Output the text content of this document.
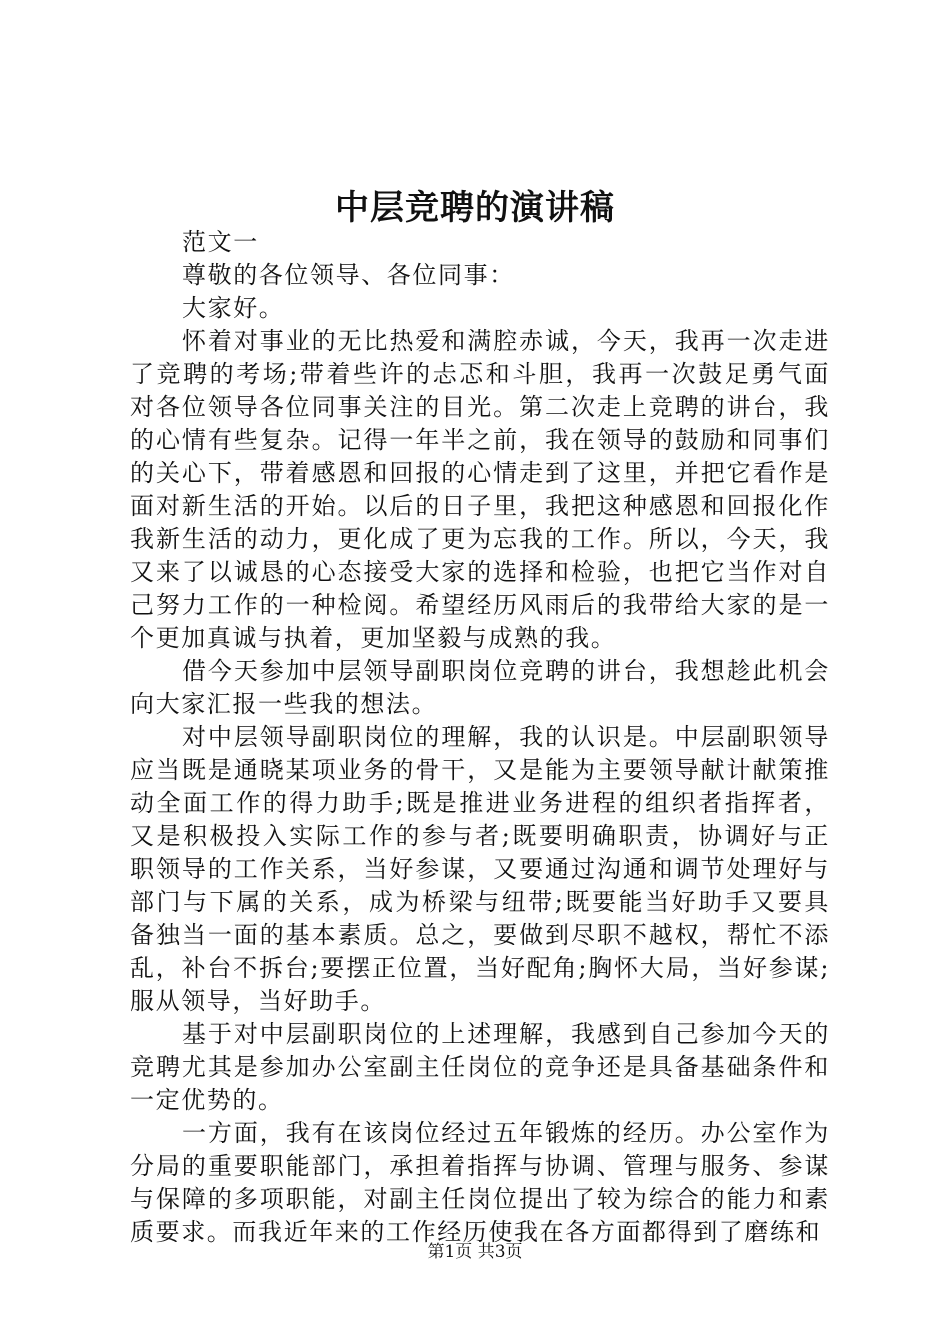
中层竞聘的演讲稿

范文一

尊敬的各位领导、各位同事：

大家好。

怀着对事业的无比热爱和满腔赤诚，今天，我再一次走进了竞聘的考场;带着些许的忐忑和斗胆，我再一次鼓足勇气面对各位领导各位同事关注的目光。第二次走上竞聘的讲台，我的心情有些复杂。记得一年半之前，我在领导的鼓励和同事们的关心下，带着感恩和回报的心情走到了这里，并把它看作是面对新生活的开始。以后的日子里，我把这种感恩和回报化作我新生活的动力，更化成了更为忘我的工作。所以，今天，我又来了以诚恳的心态接受大家的选择和检验，也把它当作对自己努力工作的一种检阅。希望经历风雨后的我带给大家的是一个更加真诚与执着，更加坚毅与成熟的我。

借今天参加中层领导副职岗位竞聘的讲台，我想趁此机会向大家汇报一些我的想法。

对中层领导副职岗位的理解，我的认识是。中层副职领导应当既是通晓某项业务的骨干，又是能为主要领导献计献策推动全面工作的得力助手;既是推进业务进程的组织者指挥者，又是积极投入实际工作的参与者;既要明确职责，协调好与正职领导的工作关系，当好参谋，又要通过沟通和调节处理好与部门与下属的关系，成为桥梁与纽带;既要能当好助手又要具备独当一面的基本素质。总之，要做到尽职不越权，帮忙不添乱，补台不拆台;要摆正位置，当好配角;胸怀大局，当好参谋;服从领导，当好助手。

基于对中层副职岗位的上述理解，我感到自己参加今天的竞聘尤其是参加办公室副主任岗位的竞争还是具备基础条件和一定优势的。

一方面，我有在该岗位经过五年锻炼的经历。办公室作为分局的重要职能部门，承担着指挥与协调、管理与服务、参谋与保障的多项职能，对副主任岗位提出了较为综合的能力和素质要求。而我近年来的工作经历使我在各方面都得到了磨练和

第1页 共3页
